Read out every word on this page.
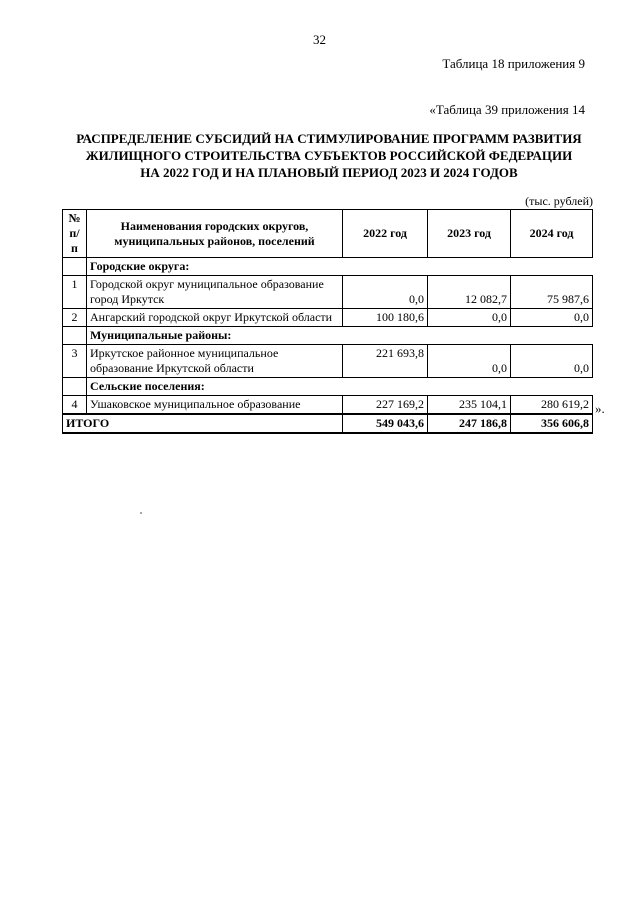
32
Таблица 18 приложения 9
«Таблица 39 приложения 14
РАСПРЕДЕЛЕНИЕ СУБСИДИЙ НА СТИМУЛИРОВАНИЕ ПРОГРАММ РАЗВИТИЯ
ЖИЛИЩНОГО СТРОИТЕЛЬСТВА СУБЪЕКТОВ РОССИЙСКОЙ ФЕДЕРАЦИИ
НА 2022 ГОД И НА ПЛАНОВЫЙ ПЕРИОД 2023 И 2024 ГОДОВ
(тыс. рублей)
№ п/п	Наименования городских округов, муниципальных районов, поселений	2022 год	2023 год	2024 год
	Городские округа:			
1	Городской округ муниципальное образование город Иркутск	0,0	12 082,7	75 987,6
2	Ангарский городской округ Иркутской области	100 180,6	0,0	0,0
	Муниципальные районы:			
3	Иркутское районное муниципальное образование Иркутской области	221 693,8	0,0	0,0
	Сельские поселения:			
4	Ушаковское муниципальное образование	227 169,2	235 104,1	280 619,2
ИТОГО		549 043,6	247 186,8	356 606,8
».
